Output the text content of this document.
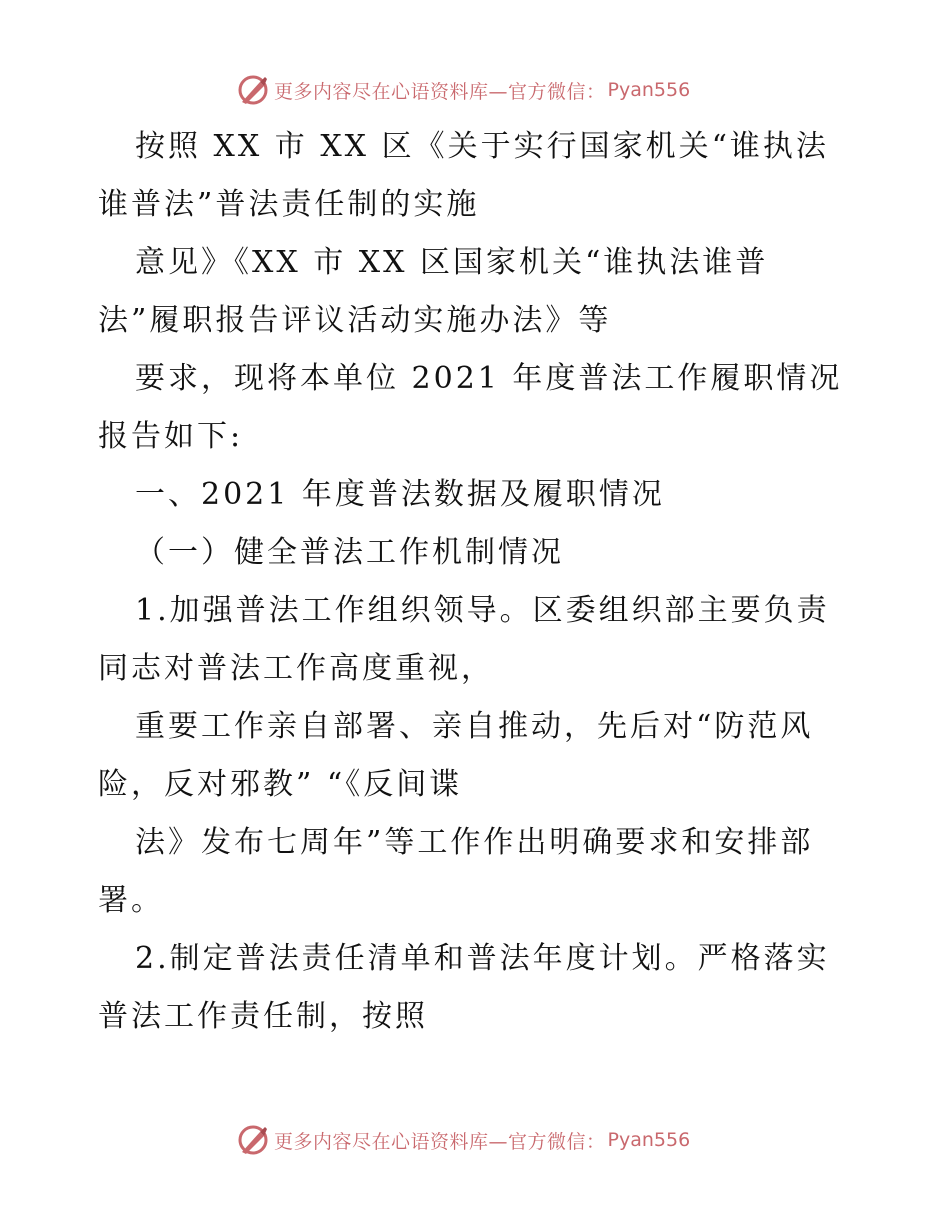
更多内容尽在心语资料库—官方微信： Pyan556
按照 XX 市 XX 区《关于实行国家机关“谁执法
谁普法”普法责任制的实施
意见》《XX 市 XX 区国家机关“谁执法谁普
法”履职报告评议活动实施办法》等
要求，现将本单位 2021 年度普法工作履职情况
报告如下:
一、2021 年度普法数据及履职情况
（一）健全普法工作机制情况
1.加强普法工作组织领导。区委组织部主要负责
同志对普法工作高度重视，
重要工作亲自部署、亲自推动，先后对“防范风
险，反对邪教” “《反间谍
法》发布七周年”等工作作出明确要求和安排部
署。
2.制定普法责任清单和普法年度计划。严格落实
普法工作责任制，按照
更多内容尽在心语资料库—官方微信： Pyan556
